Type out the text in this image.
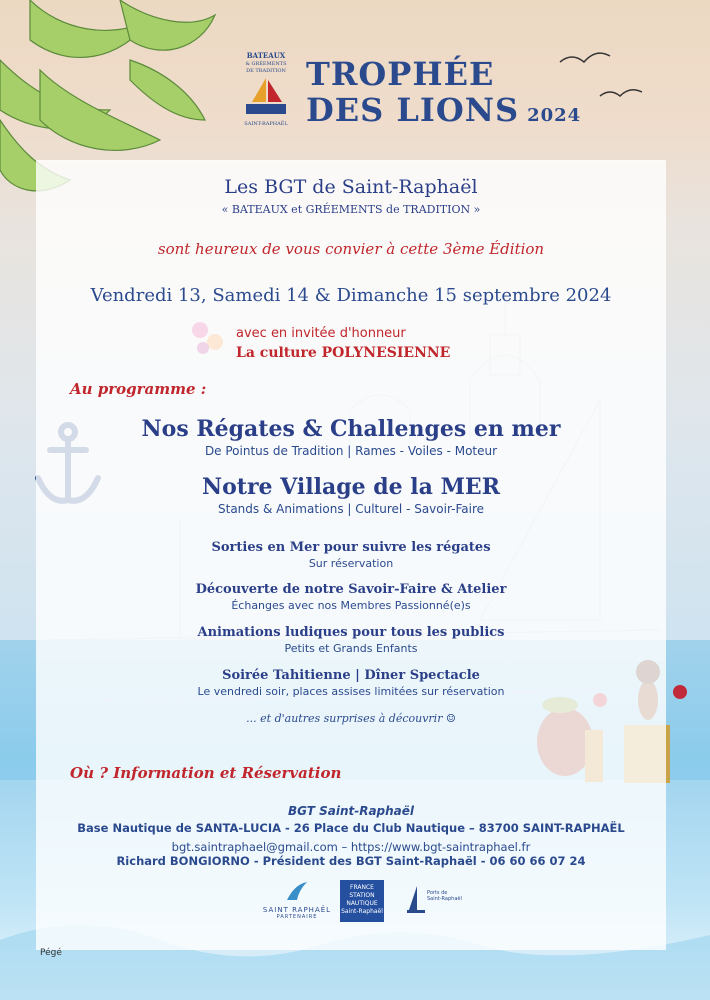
BATEAUX
& GRÉEMENTS
DE TRADITION
SAINT-RAPHAËL
TROPHÉE
DES LIONS 2024
Les BGT de Saint-Raphaël
« BATEAUX et GRÉEMENTS de TRADITION »
sont heureux de vous convier à cette 3ème Édition
Vendredi 13, Samedi 14 & Dimanche 15 septembre 2024
avec en invitée d'honneur
La culture POLYNESIENNE
Au programme :
Nos Régates & Challenges en mer
De Pointus de Tradition | Rames - Voiles - Moteur
Notre Village de la MER
Stands & Animations | Culturel - Savoir-Faire
Sorties en Mer pour suivre les régates
Sur réservation
Découverte de notre Savoir-Faire & Atelier
Échanges avec nos Membres Passionné(e)s
Animations ludiques pour tous les publics
Petits et Grands Enfants
Soirée Tahitienne | Dîner Spectacle
Le vendredi soir, places assises limitées sur réservation
... et d'autres surprises à découvrir ☺
Où ? Information et Réservation
BGT Saint-Raphaël
Base Nautique de SANTA-LUCIA - 26 Place du Club Nautique – 83700 SAINT-RAPHAËL
bgt.saintraphael@gmail.com – https://www.bgt-saintraphael.fr
Richard BONGIORNO - Président des BGT Saint-Raphaël - 06 60 66 07 24
SAINT RAPHAËL
PARTENAIRE
FRANCE
STATION
NAUTIQUE
Saint-Raphaël
Ports de
Saint-Raphaël
Pégé
